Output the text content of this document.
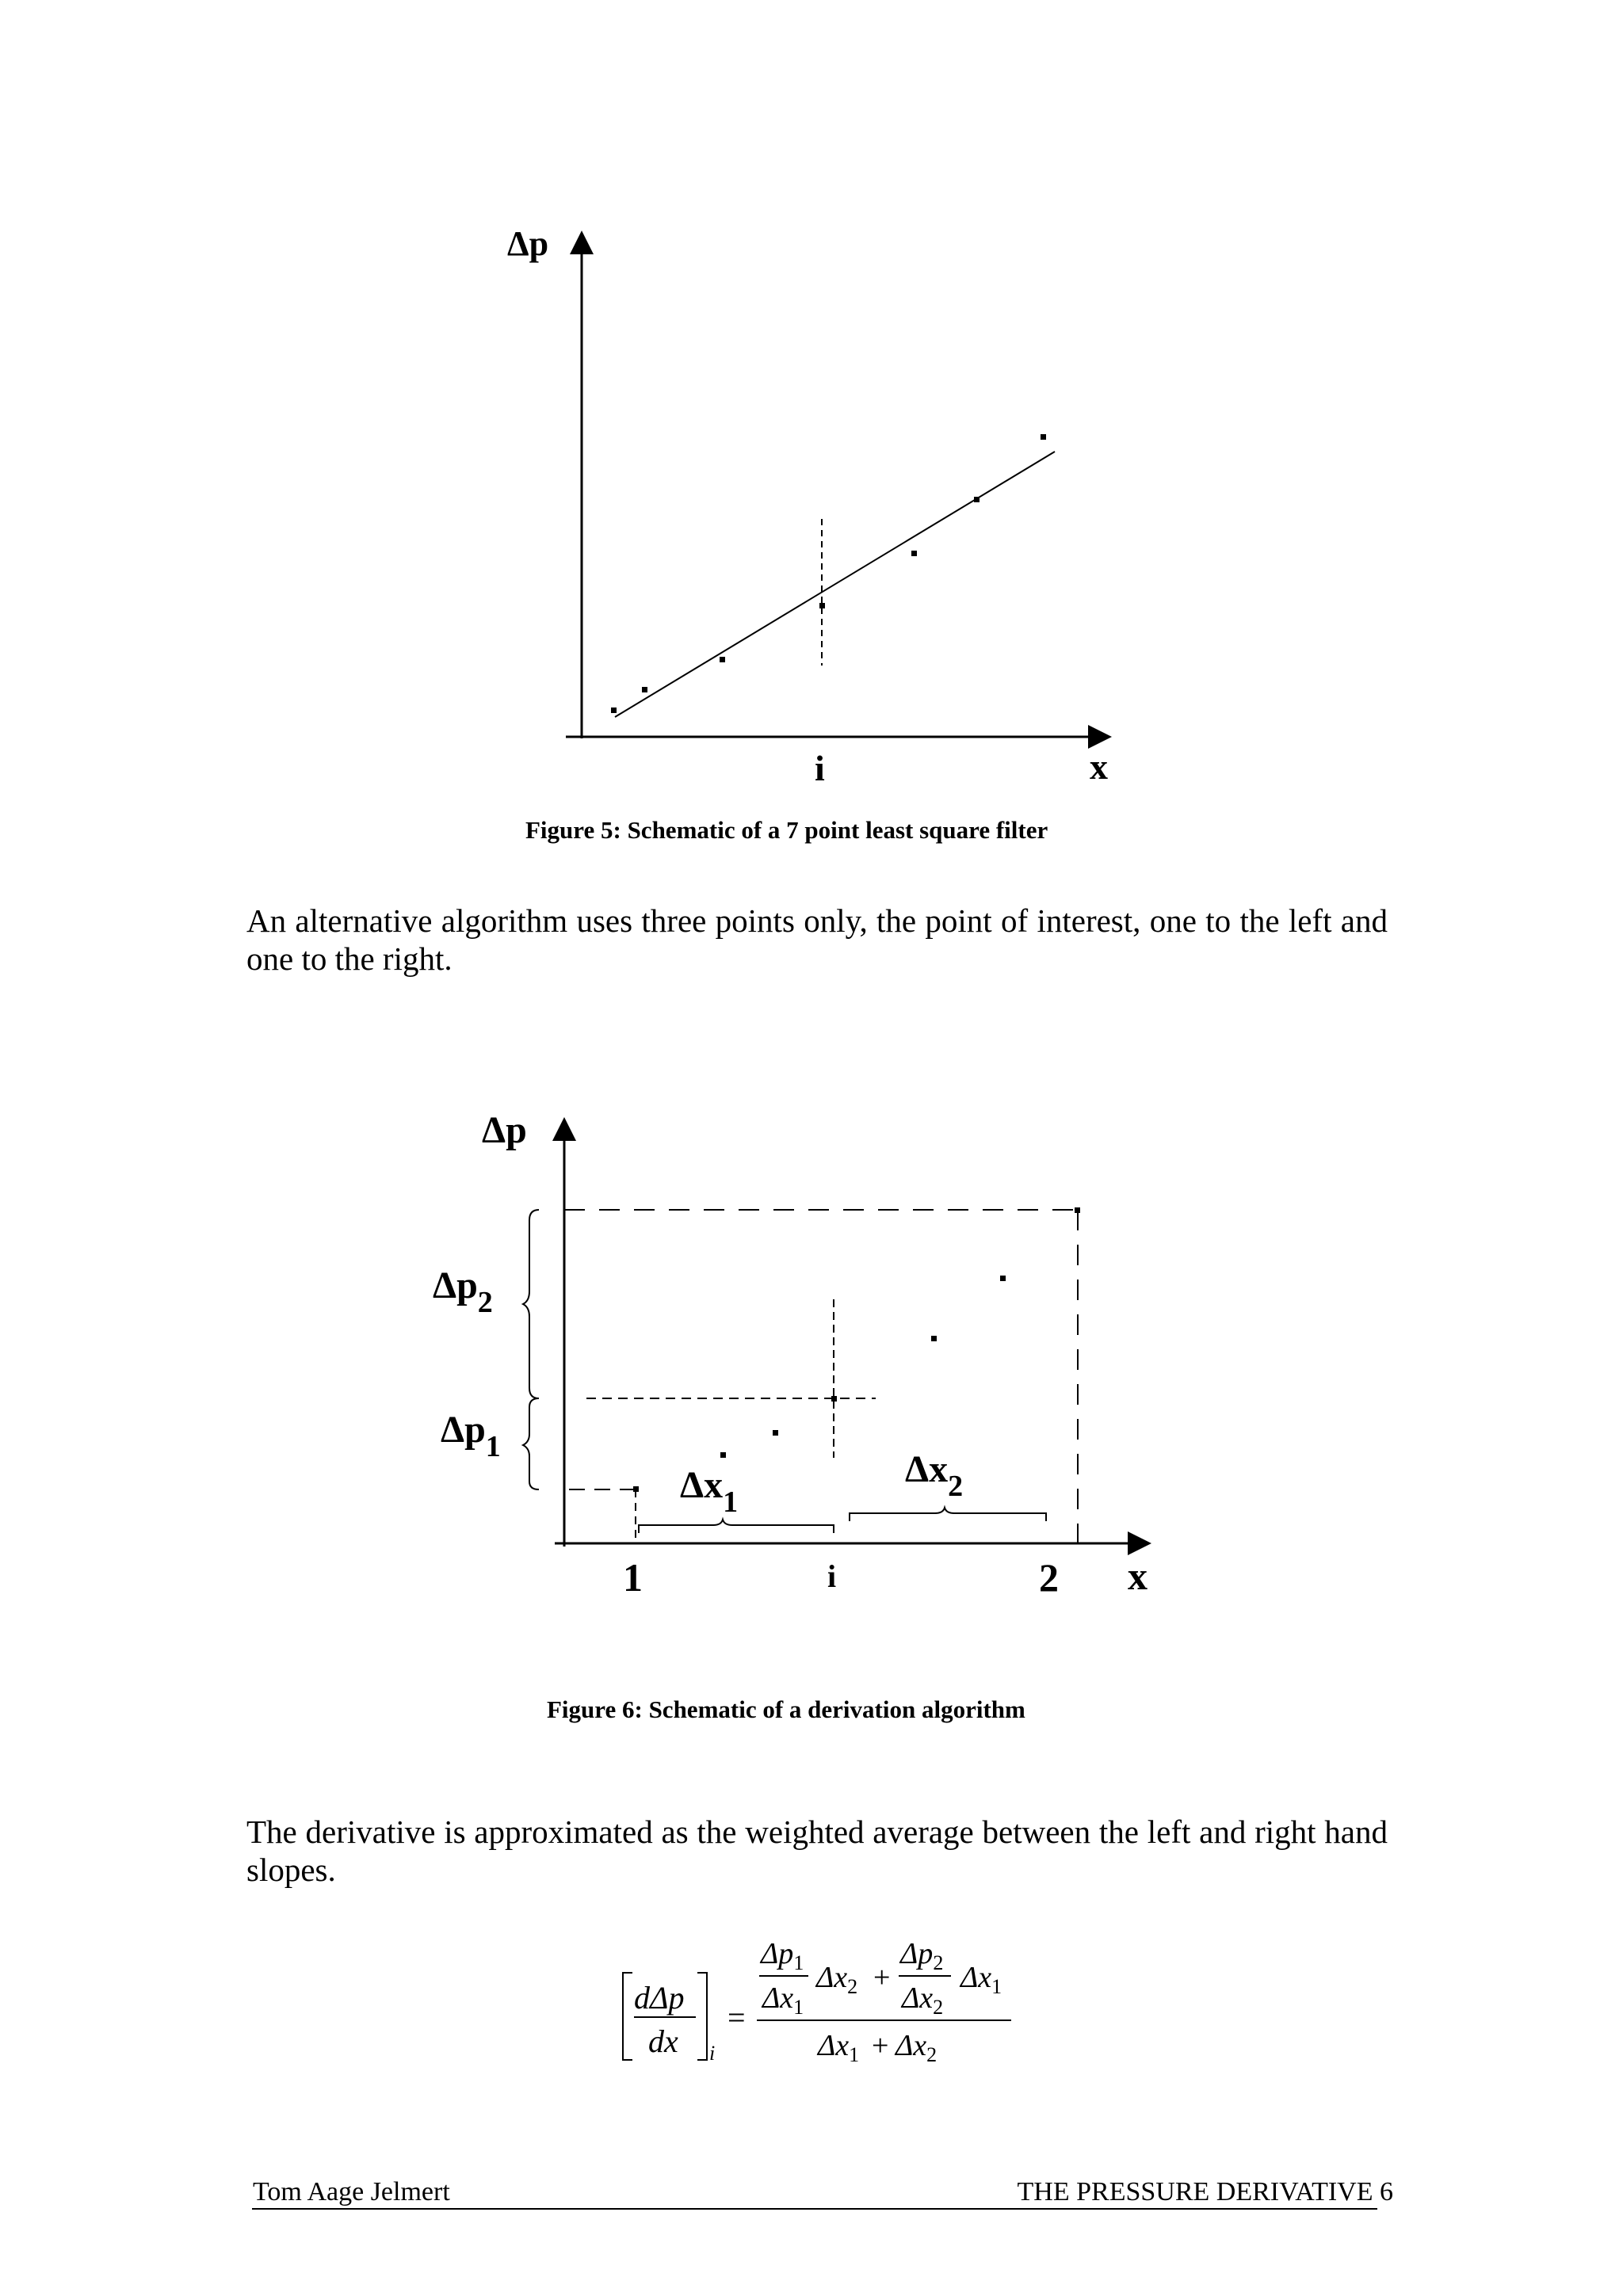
Δp
x
i
Figure 5: Schematic of a 7 point least square filter
An alternative algorithm uses three points only, the point of interest, one to the left and one to the right.
Δp
x
$\Delta p_2$
$\Delta p_1$
$\Delta x_1$
$\Delta x_2$
1	i	2
Figure 6: Schematic of a derivation algorithm
The derivative is approximated as the weighted average between the left and right hand slopes.
dΔp
dx i
=
$\Delta p_1$
$\Delta x_1$
$\Delta x_2$ +
$\Delta p_2$
$\Delta x_2$
$\Delta x_1$
$\Delta x_1 + \Delta x_2$
Tom Aage Jelmert	THE PRESSURE DERIVATIVE 6
